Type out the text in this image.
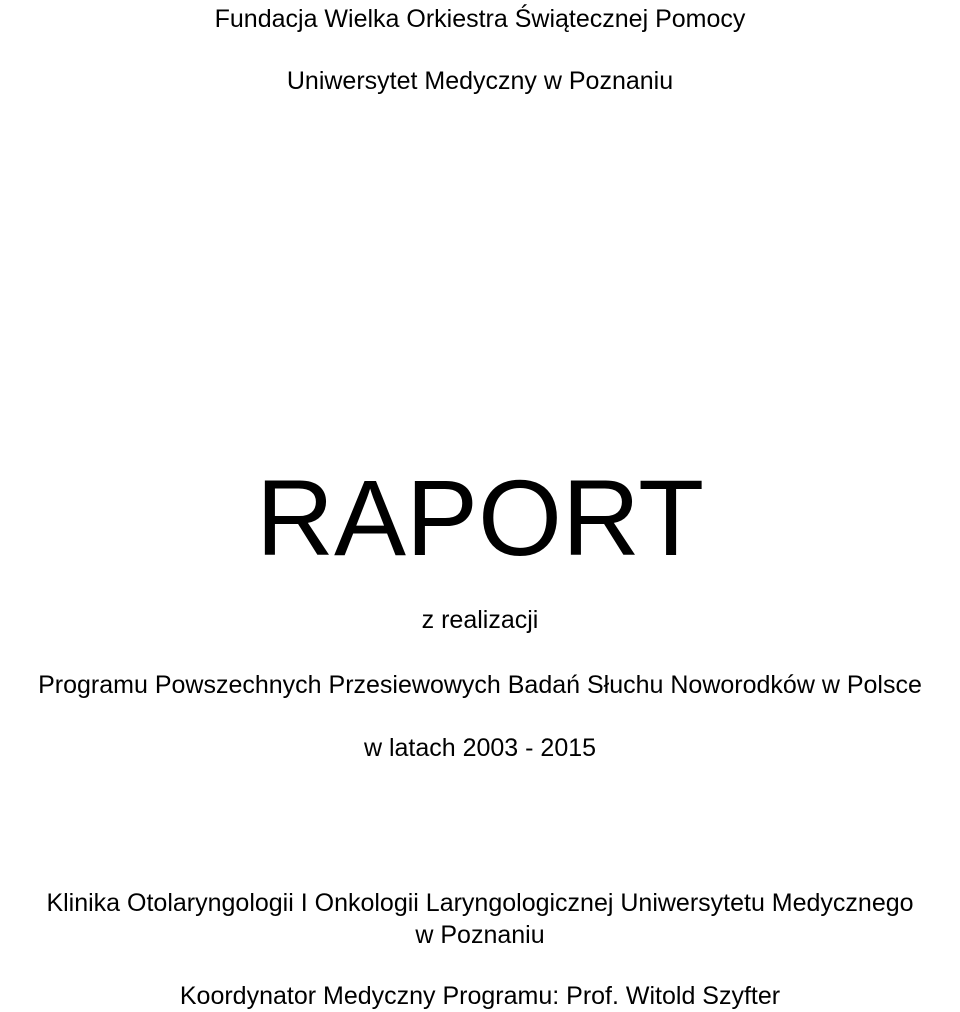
Fundacja Wielka Orkiestra Świątecznej Pomocy
Uniwersytet Medyczny w Poznaniu
RAPORT
z realizacji
Programu Powszechnych Przesiewowych Badań Słuchu Noworodków w Polsce
w latach 2003 - 2015
Klinika Otolaryngologii I Onkologii Laryngologicznej Uniwersytetu Medycznego
w Poznaniu
Koordynator Medyczny Programu: Prof. Witold Szyfter
